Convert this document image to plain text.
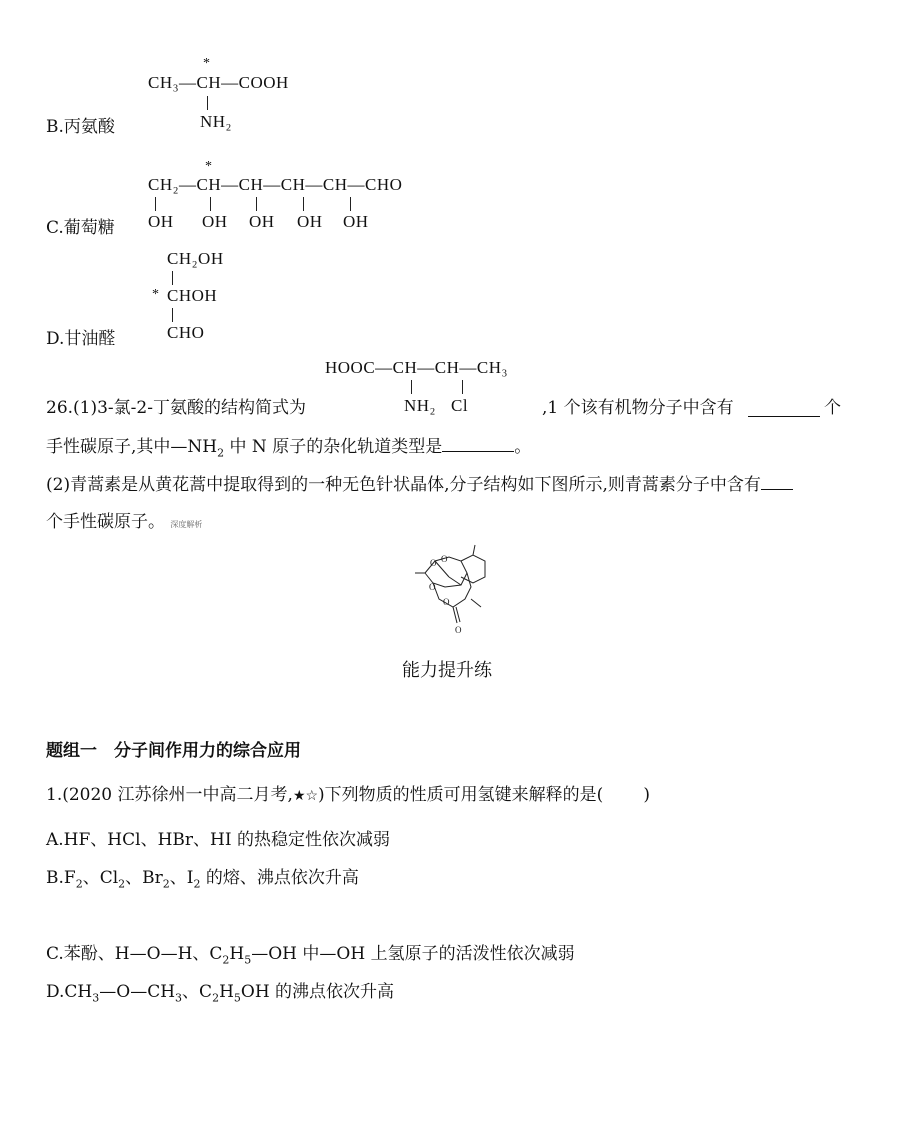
*
CH₃—CH—COOH
NH₂
B.丙氨酸
*
CH₂—CH—CH—CH—CH—CHO
OH OH OH OH OH
C.葡萄糖
CH₂OH
* CHOH
CHO
D.甘油醛
HOOC—CH—CH—CH₃
NH₂ Cl
26.(1)3-氯-2-丁氨酸的结构简式为	,1 个该有机物分子中含有	个
手性碳原子,其中$—NH_2$ 中 N 原子的杂化轨道类型是	。
(2)青蒿素是从黄花蒿中提取得到的一种无色针状晶体,分子结构如下图所示,则青蒿素分子中含有
个手性碳原子。 深度解析
O O
O
O
O
能力提升练
题组一　分子间作用力的综合应用
1.(2020 江苏徐州一中高二月考,★☆)下列物质的性质可用氢键来解释的是( )
A.HF、HCl、HBr、HI 的热稳定性依次减弱
$B.F_2$、$Cl_2$、$Br_2$、$I_2$ 的熔、沸点依次升高
C.苯酚、H—O—H、$C_2H_5—OH$ 中—OH 上氢原子的活泼性依次减弱
$D.CH_3—O—CH_3$、$C_2H_5OH$ 的沸点依次升高
